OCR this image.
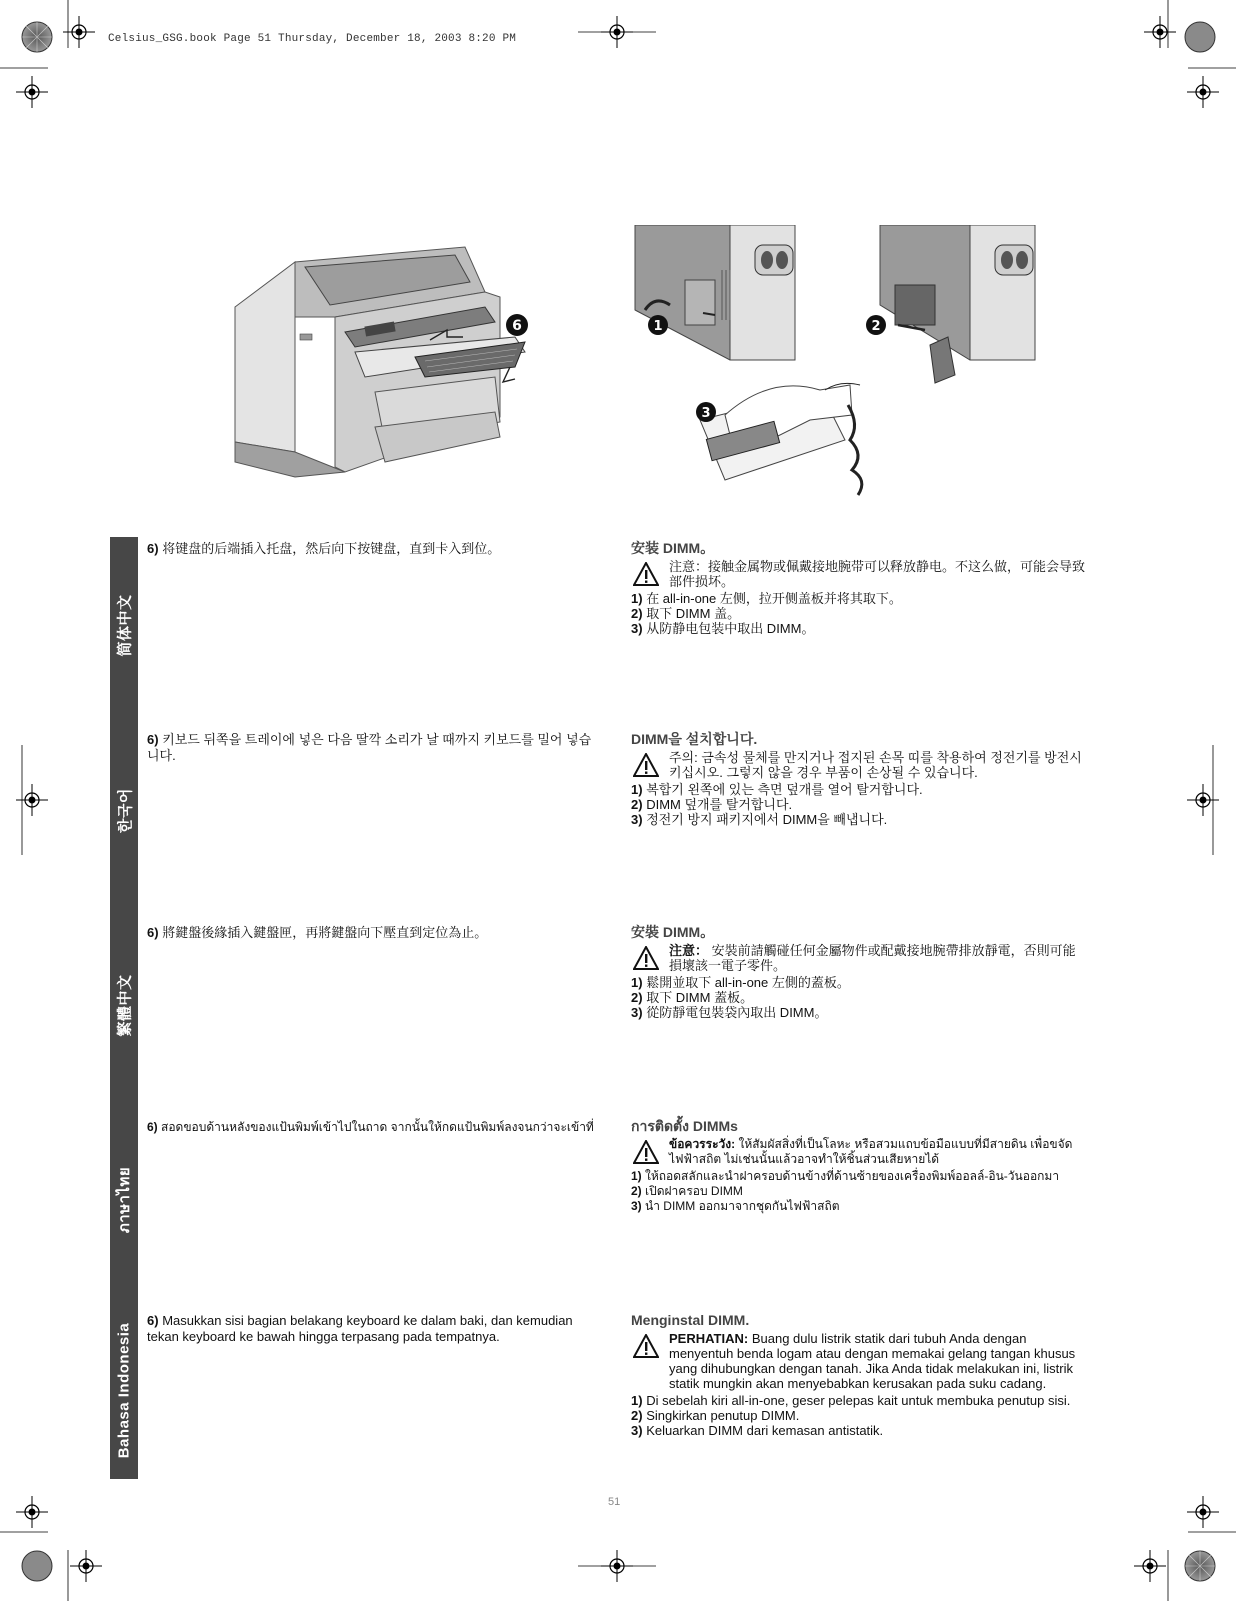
Celsius_GSG.book Page 51 Thursday, December 18, 2003 8:20 PM
6	1	2
3
简体中文
한국어
繁體中文
ภาษาไทย
Bahasa Indonesia
6) 将键盘的后端插入托盘，然后向下按键盘，直到卡入到位。	安装 DIMM。
注意：接触金属物或佩戴接地腕带可以释放静电。不这么做，可能会导致部件损坏。
1) 在 all-in-one 左侧，拉开侧盖板并将其取下。
2) 取下 DIMM 盖。
3) 从防静电包装中取出 DIMM。
6) 키보드 뒤쪽을 트레이에 넣은 다음 딸깍 소리가 날 때까지 키보드를 밀어 넣습니다.
DIMM을 설치합니다.
주의: 금속성 물체를 만지거나 접지된 손목 띠를 착용하여 정전기를 방전시키십시오. 그렇지 않을 경우 부품이 손상될 수 있습니다.
1) 복합기 왼쪽에 있는 측면 덮개를 열어 탈거합니다.
2) DIMM 덮개를 탈거합니다.
3) 정전기 방지 패키지에서 DIMM을 빼냅니다.
6) 將鍵盤後緣插入鍵盤匣，再將鍵盤向下壓直到定位為止。	安裝 DIMM。
注意： 安裝前請觸碰任何金屬物件或配戴接地腕帶排放靜電，否則可能損壞該一電子零件。
1) 鬆開並取下 all-in-one 左側的蓋板。
2) 取下 DIMM 蓋板。
3) 從防靜電包裝袋內取出 DIMM。
6) สอดขอบด้านหลังของแป้นพิมพ์เข้าไปในถาด จากนั้นให้กดแป้นพิมพ์ลงจนกว่าจะเข้าที่	การติดตั้ง DIMMs
ข้อควรระวัง: ให้สัมผัสสิ่งที่เป็นโลหะ หรือสวมแถบข้อมือแบบที่มีสายดิน เพื่อขจัดไฟฟ้าสถิต ไม่เช่นนั้นแล้วอาจทำให้ชิ้นส่วนเสียหายได้
1) ให้ถอดสลักและนำฝาครอบด้านข้างที่ด้านซ้ายของเครื่องพิมพ์ออลล์-อิน-วันออกมา
2) เปิดฝาครอบ DIMM
3) นำ DIMM ออกมาจากชุดกันไฟฟ้าสถิต
6) Masukkan sisi bagian belakang keyboard ke dalam baki, dan kemudian tekan keyboard ke bawah hingga terpasang pada tempatnya.
Menginstal DIMM.
PERHATIAN: Buang dulu listrik statik dari tubuh Anda dengan menyentuh benda logam atau dengan memakai gelang tangan khusus yang dihubungkan dengan tanah. Jika Anda tidak melakukan ini, listrik statik mungkin akan menyebabkan kerusakan pada suku cadang.
1) Di sebelah kiri all-in-one, geser pelepas kait untuk membuka penutup sisi.
2) Singkirkan penutup DIMM.
3) Keluarkan DIMM dari kemasan antistatik.
51
